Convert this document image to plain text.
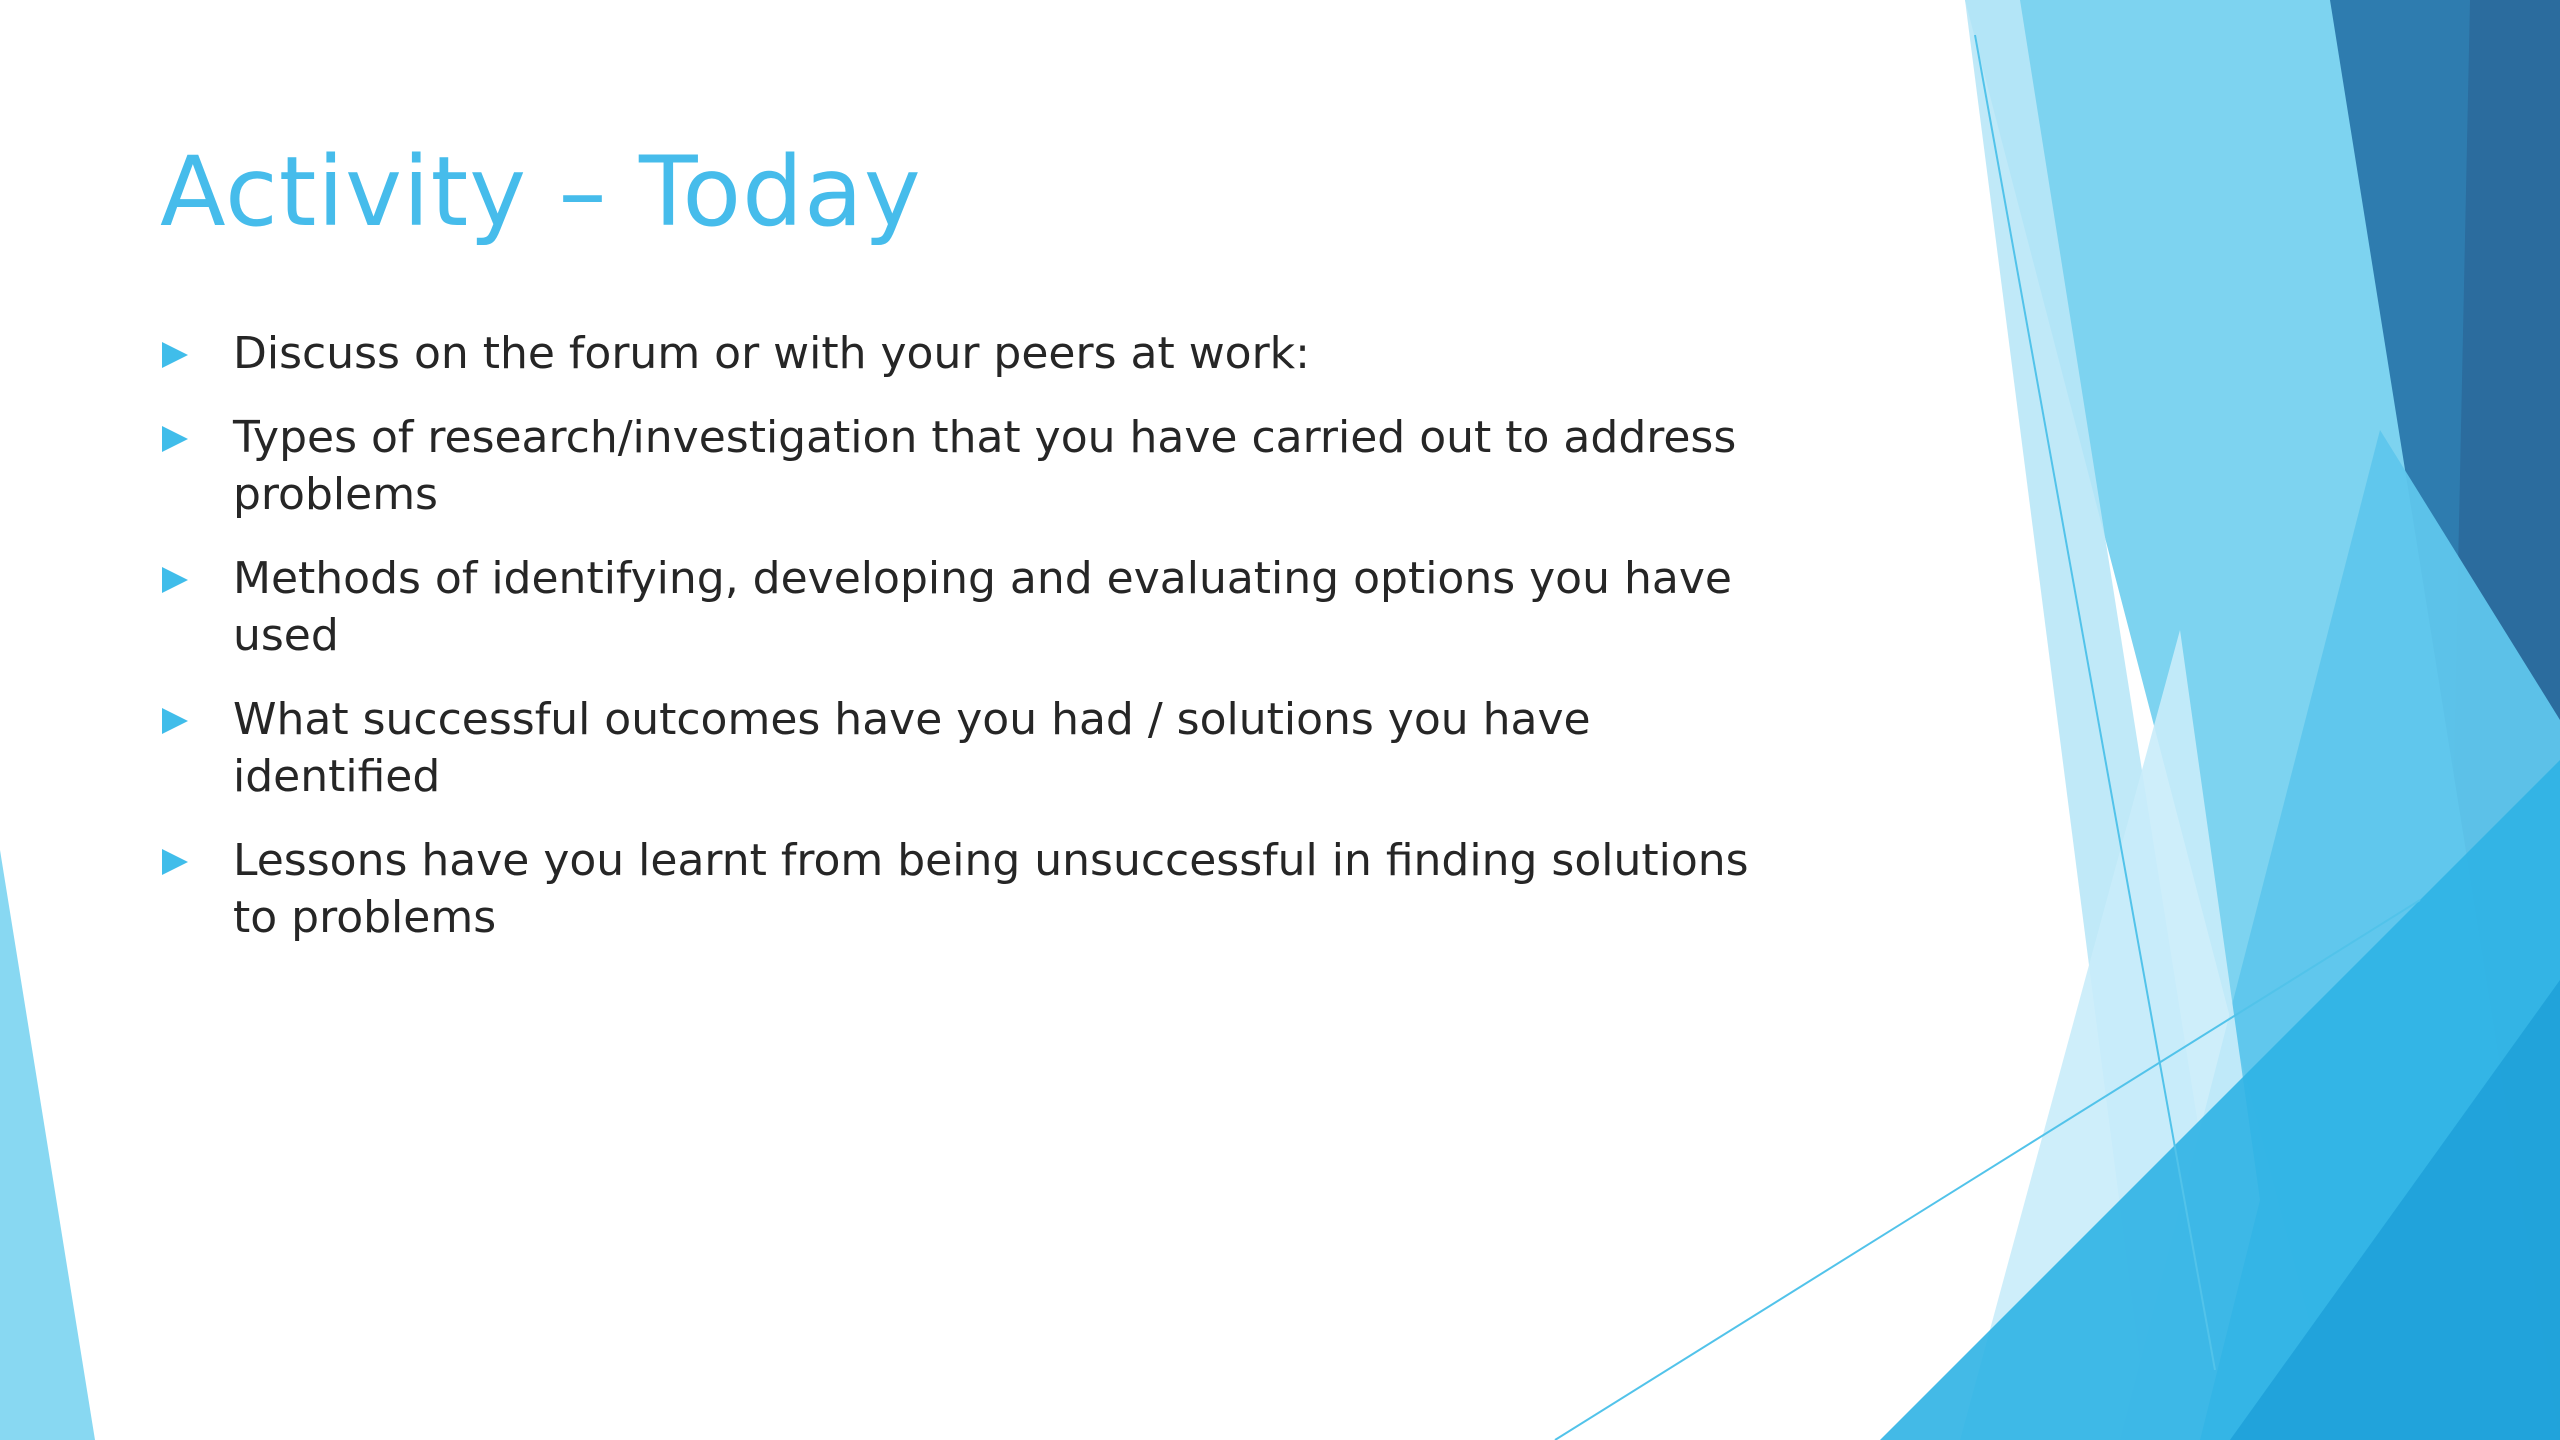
Activity – Today
Discuss on the forum or with your peers at work:
Types of research/investigation that you have carried out to address problems
Methods of identifying, developing and evaluating options you have used
What successful outcomes have you had / solutions you have identified
Lessons have you learnt from being unsuccessful in finding solutions to problems
